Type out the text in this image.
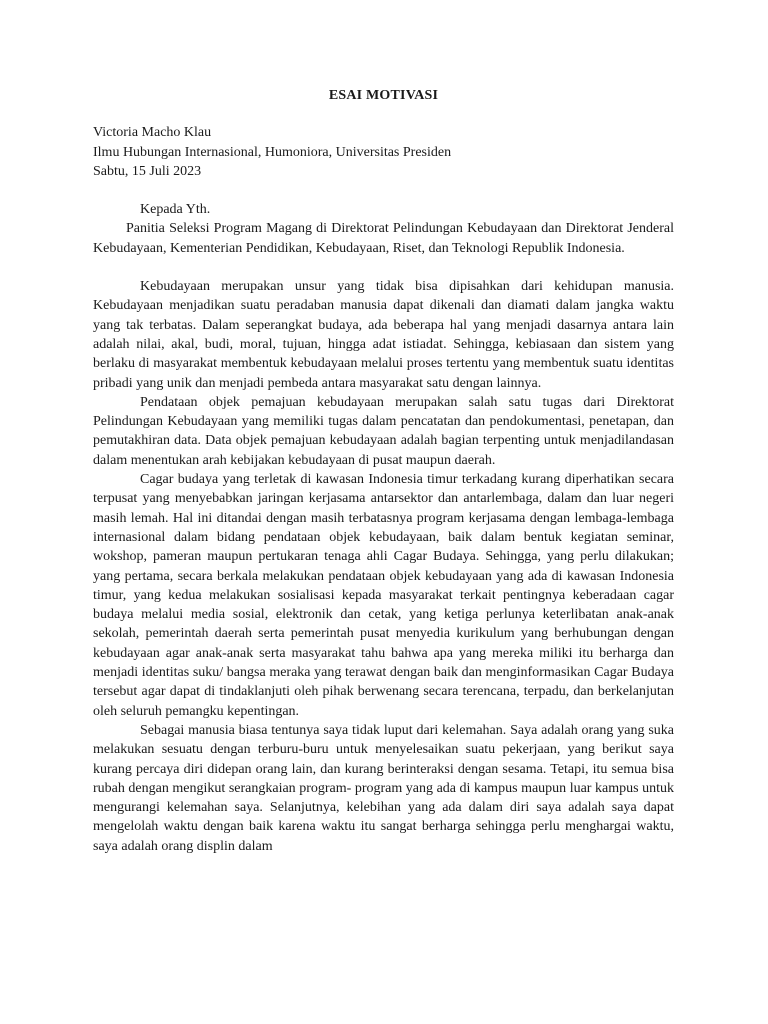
ESAI MOTIVASI

Victoria Macho Klau

Ilmu Hubungan Internasional, Humoniora, Universitas Presiden

Sabtu, 15 Juli 2023

Kepada Yth.

Panitia Seleksi Program Magang di Direktorat Pelindungan Kebudayaan dan Direktorat Jenderal Kebudayaan, Kementerian Pendidikan, Kebudayaan, Riset, dan Teknologi Republik Indonesia.

Kebudayaan merupakan unsur yang tidak bisa dipisahkan dari kehidupan manusia. Kebudayaan menjadikan suatu peradaban manusia dapat dikenali dan diamati dalam jangka waktu yang tak terbatas. Dalam seperangkat budaya, ada beberapa hal yang menjadi dasarnya antara lain adalah nilai, akal, budi, moral, tujuan, hingga adat istiadat. Sehingga, kebiasaan dan sistem yang berlaku di masyarakat membentuk kebudayaan melalui proses tertentu yang membentuk suatu identitas pribadi yang unik dan menjadi pembeda antara masyarakat satu dengan lainnya.

Pendataan objek pemajuan kebudayaan merupakan salah satu tugas dari Direktorat Pelindungan Kebudayaan yang memiliki tugas dalam pencatatan dan pendokumentasi, penetapan, dan pemutakhiran data. Data objek pemajuan kebudayaan adalah bagian terpenting untuk menjadilandasan dalam menentukan arah kebijakan kebudayaan di pusat maupun daerah.

Cagar budaya yang terletak di kawasan Indonesia timur terkadang kurang diperhatikan secara terpusat yang menyebabkan jaringan kerjasama antarsektor dan antarlembaga, dalam dan luar negeri masih lemah. Hal ini ditandai dengan masih terbatasnya program kerjasama dengan lembaga-lembaga internasional dalam bidang pendataan objek kebudayaan, baik dalam bentuk kegiatan seminar, wokshop, pameran maupun pertukaran tenaga ahli Cagar Budaya. Sehingga, yang perlu dilakukan; yang pertama, secara berkala melakukan pendataan objek kebudayaan yang ada di kawasan Indonesia timur, yang kedua melakukan sosialisasi kepada masyarakat terkait pentingnya keberadaan cagar budaya melalui media sosial, elektronik dan cetak, yang ketiga perlunya keterlibatan anak-anak sekolah, pemerintah daerah serta pemerintah pusat menyedia kurikulum yang berhubungan dengan kebudayaan agar anak-anak serta masyarakat tahu bahwa apa yang mereka miliki itu berharga dan menjadi identitas suku/ bangsa meraka yang terawat dengan baik dan menginformasikan Cagar Budaya tersebut agar dapat di tindaklanjuti oleh pihak berwenang secara terencana, terpadu, dan berkelanjutan oleh seluruh pemangku kepentingan.

Sebagai manusia biasa tentunya saya tidak luput dari kelemahan. Saya adalah orang yang suka melakukan sesuatu dengan terburu-buru untuk menyelesaikan suatu pekerjaan, yang berikut saya kurang percaya diri didepan orang lain, dan kurang berinteraksi dengan sesama. Tetapi, itu semua bisa rubah dengan mengikut serangkaian program- program yang ada di kampus maupun luar kampus untuk mengurangi kelemahan saya. Selanjutnya, kelebihan yang ada dalam diri saya adalah saya dapat mengelolah waktu dengan baik karena waktu itu sangat berharga sehingga perlu menghargai waktu, saya adalah orang displin dalam
